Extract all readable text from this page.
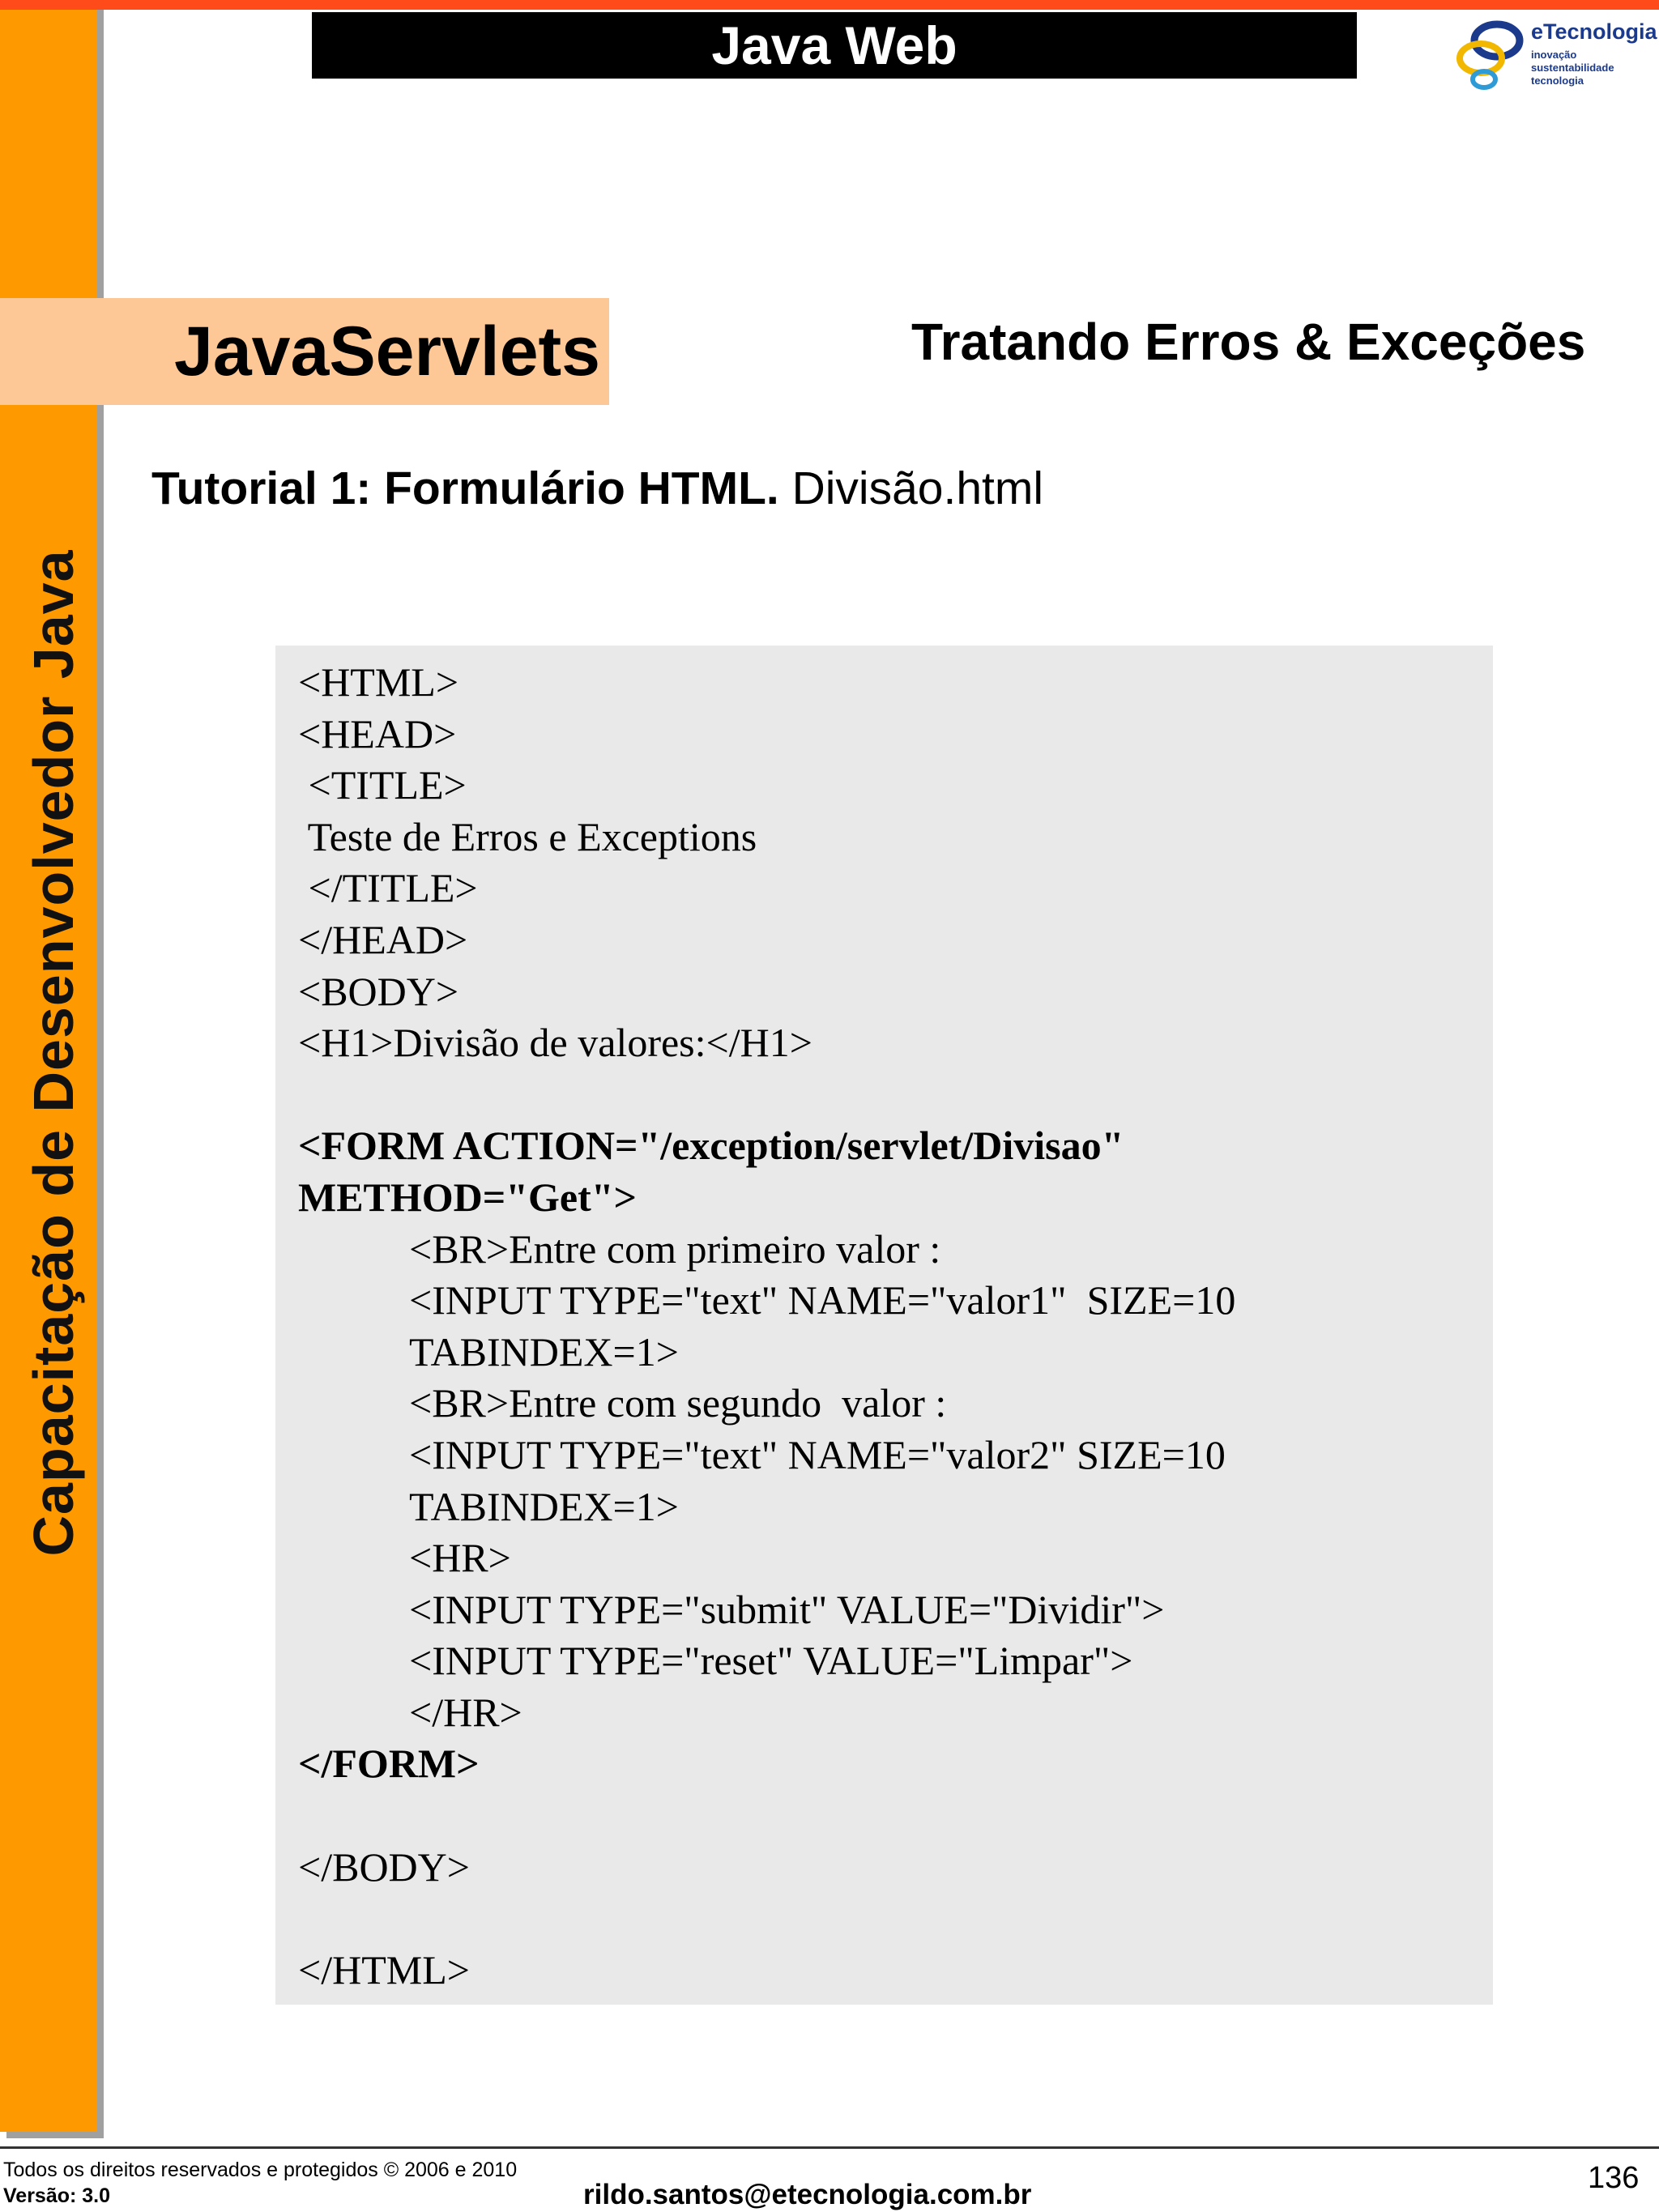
Capacitação de Desenvolvedor Java
Java Web	eTecnologia
inovação
sustentabilidade
tecnologia
JavaServlets	Tratando Erros & Exceções
Tutorial 1: Formulário HTML. Divisão.html
<HTML>
<HEAD>
<TITLE>
Teste de Erros e Exceptions
</TITLE>
</HEAD>
<BODY>
<H1>Divisão de valores:</H1>
<FORM ACTION="/exception/servlet/Divisao"
METHOD="Get">
<BR>Entre com primeiro valor :
<INPUT TYPE="text" NAME="valor1"  SIZE=10
TABINDEX=1>
<BR>Entre com segundo  valor :
<INPUT TYPE="text" NAME="valor2" SIZE=10
TABINDEX=1>
<HR>
<INPUT TYPE="submit" VALUE="Dividir">
<INPUT TYPE="reset" VALUE="Limpar">
</HR>
</FORM>
</BODY>
</HTML>
Todos os direitos reservados e protegidos © 2006 e 2010
Versão: 3.0	rildo.santos@etecnologia.com.br	136
